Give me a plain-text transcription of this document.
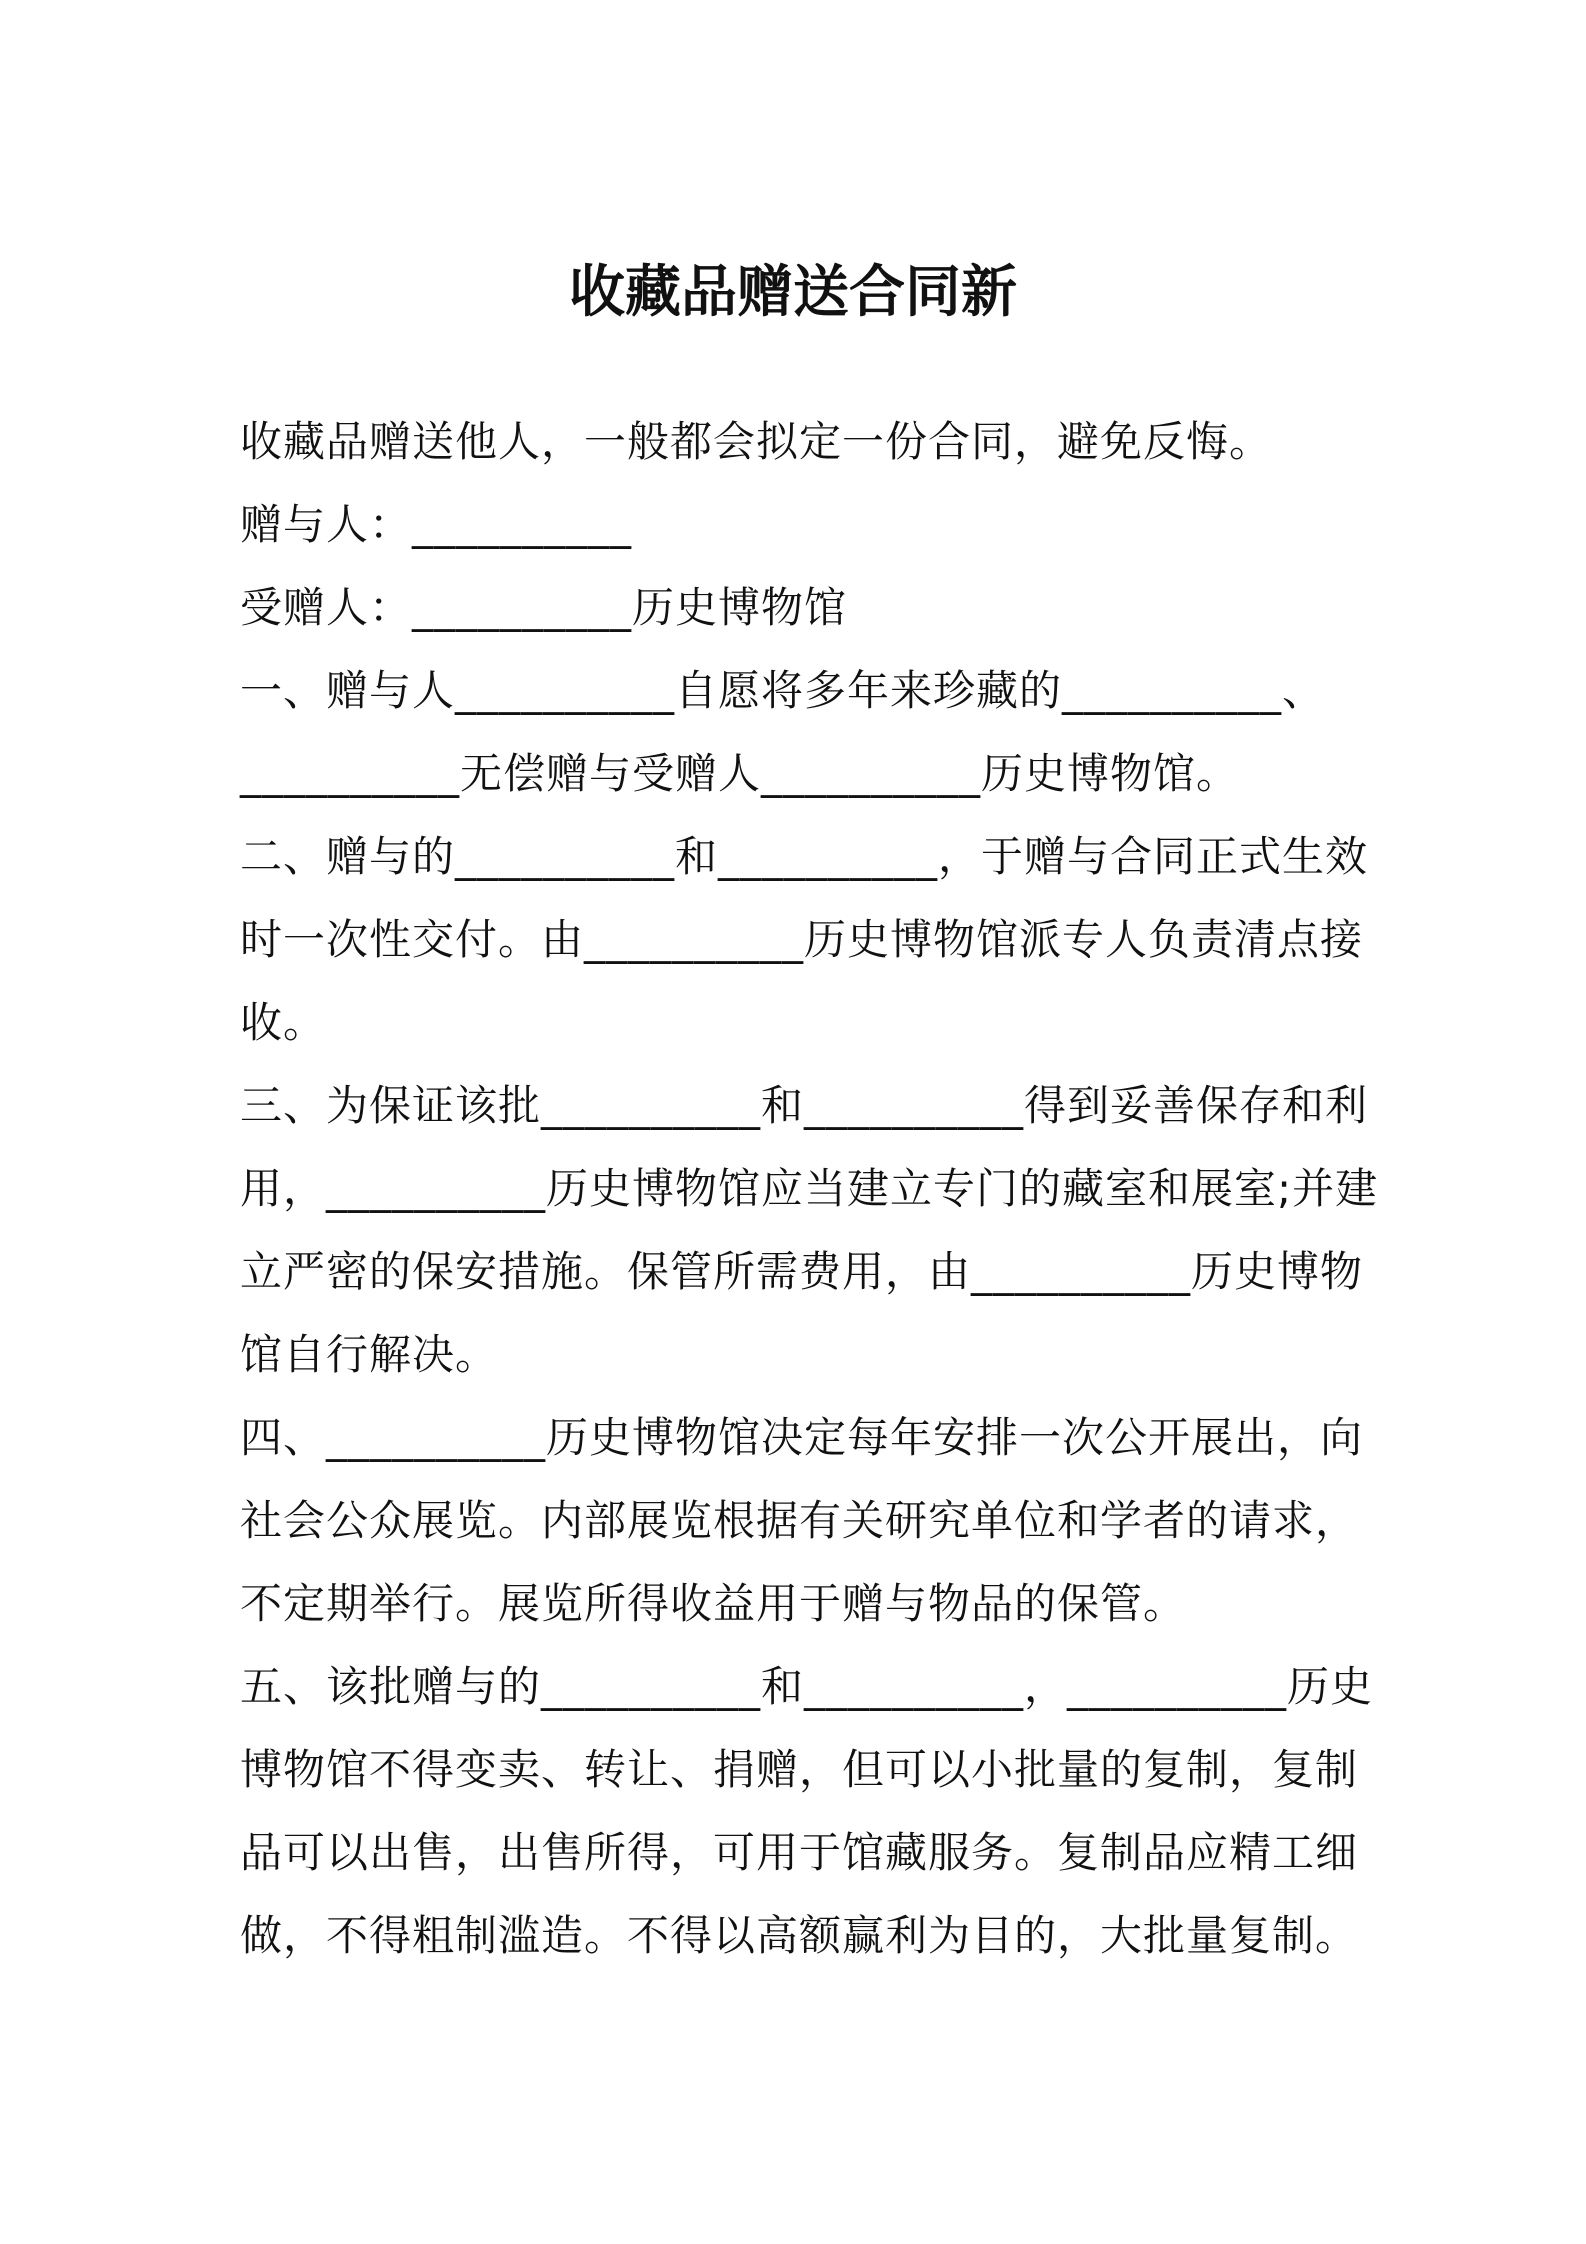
收藏品赠送合同新

收藏品赠送他人，一般都会拟定一份合同，避免反悔。

赠与人：__________

受赠人：__________历史博物馆

一、赠与人__________自愿将多年来珍藏的__________、

__________无偿赠与受赠人__________历史博物馆。

二、赠与的__________和__________，于赠与合同正式生效

时一次性交付。由__________历史博物馆派专人负责清点接

收。

三、为保证该批__________和__________得到妥善保存和利

用，__________历史博物馆应当建立专门的藏室和展室;并建

立严密的保安措施。保管所需费用，由__________历史博物

馆自行解决。

四、__________历史博物馆决定每年安排一次公开展出，向

社会公众展览。内部展览根据有关研究单位和学者的请求，

不定期举行。展览所得收益用于赠与物品的保管。

五、该批赠与的__________和__________，__________历史

博物馆不得变卖、转让、捐赠，但可以小批量的复制，复制

品可以出售，出售所得，可用于馆藏服务。复制品应精工细

做，不得粗制滥造。不得以高额赢利为目的，大批量复制。
